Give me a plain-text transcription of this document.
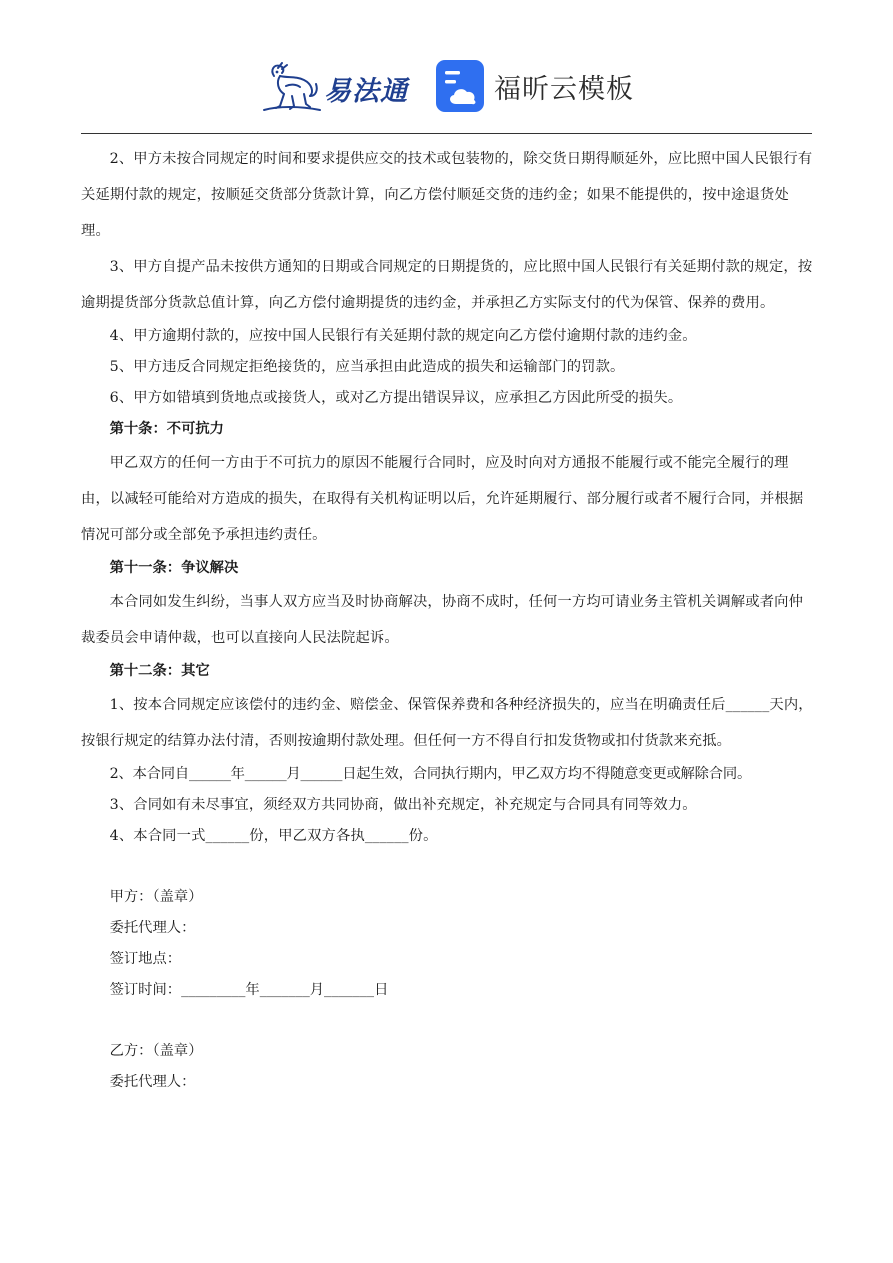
易法通	福昕云模板

2、甲方未按合同规定的时间和要求提供应交的技术或包装物的，除交货日期得顺延外，应比照中国人民银行有关延期付款的规定，按顺延交货部分货款计算，向乙方偿付顺延交货的违约金；如果不能提供的，按中途退货处理。

3、甲方自提产品未按供方通知的日期或合同规定的日期提货的，应比照中国人民银行有关延期付款的规定，按逾期提货部分货款总值计算，向乙方偿付逾期提货的违约金，并承担乙方实际支付的代为保管、保养的费用。

4、甲方逾期付款的，应按中国人民银行有关延期付款的规定向乙方偿付逾期付款的违约金。

5、甲方违反合同规定拒绝接货的，应当承担由此造成的损失和运输部门的罚款。

6、甲方如错填到货地点或接货人，或对乙方提出错误异议，应承担乙方因此所受的损失。

第十条：不可抗力

甲乙双方的任何一方由于不可抗力的原因不能履行合同时，应及时向对方通报不能履行或不能完全履行的理由，以减轻可能给对方造成的损失，在取得有关机构证明以后，允许延期履行、部分履行或者不履行合同，并根据情况可部分或全部免予承担违约责任。

第十一条：争议解决

本合同如发生纠纷，当事人双方应当及时协商解决，协商不成时，任何一方均可请业务主管机关调解或者向仲裁委员会申请仲裁，也可以直接向人民法院起诉。

第十二条：其它

1、按本合同规定应该偿付的违约金、赔偿金、保管保养费和各种经济损失的，应当在明确责任后______天内，按银行规定的结算办法付清，否则按逾期付款处理。但任何一方不得自行扣发货物或扣付货款来充抵。

2、本合同自______年______月______日起生效，合同执行期内，甲乙双方均不得随意变更或解除合同。

3、合同如有未尽事宜，须经双方共同协商，做出补充规定，补充规定与合同具有同等效力。

4、本合同一式______份，甲乙双方各执______份。

甲方：（盖章）

委托代理人：

签订地点：

签订时间：_________年_______月_______日

乙方：（盖章）

委托代理人：
